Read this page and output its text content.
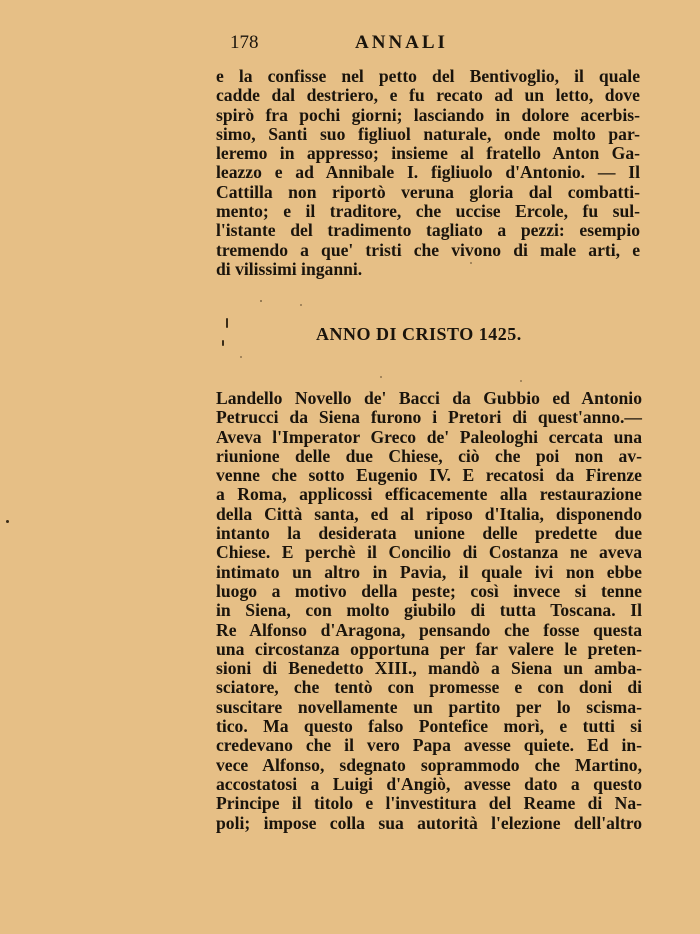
178	ANNALI
e la confisse nel petto del Bentivoglio, il quale
cadde dal destriero, e fu recato ad un letto, dove
spirò fra pochi giorni; lasciando in dolore acerbis-
simo, Santi suo figliuol naturale, onde molto par-
leremo in appresso; insieme al fratello Anton Ga-
leazzo e ad Annibale I. figliuolo d'Antonio. — Il
Cattilla non riportò veruna gloria dal combatti-
mento; e il traditore, che uccise Ercole, fu sul-
l'istante del tradimento tagliato a pezzi: esempio
tremendo a que' tristi che vivono di male arti, e
di vilissimi inganni.
ANNO DI CRISTO 1425.
Landello Novello de' Bacci da Gubbio ed Antonio
Petrucci da Siena furono i Pretori di quest'anno.—
Aveva l'Imperator Greco de' Paleologhi cercata una
riunione delle due Chiese, ciò che poi non av-
venne che sotto Eugenio IV. E recatosi da Firenze
a Roma, applicossi efficacemente alla restaurazione
della Città santa, ed al riposo d'Italia, disponendo
intanto la desiderata unione delle predette due
Chiese. E perchè il Concilio di Costanza ne aveva
intimato un altro in Pavia, il quale ivi non ebbe
luogo a motivo della peste; così invece si tenne
in Siena, con molto giubilo di tutta Toscana. Il
Re Alfonso d'Aragona, pensando che fosse questa
una circostanza opportuna per far valere le preten-
sioni di Benedetto XIII., mandò a Siena un amba-
sciatore, che tentò con promesse e con doni di
suscitare novellamente un partito per lo scisma-
tico. Ma questo falso Pontefice morì, e tutti si
credevano che il vero Papa avesse quiete. Ed in-
vece Alfonso, sdegnato soprammodo che Martino,
accostatosi a Luigi d'Angiò, avesse dato a questo
Principe il titolo e l'investitura del Reame di Na-
poli; impose colla sua autorità l'elezione dell'altro
